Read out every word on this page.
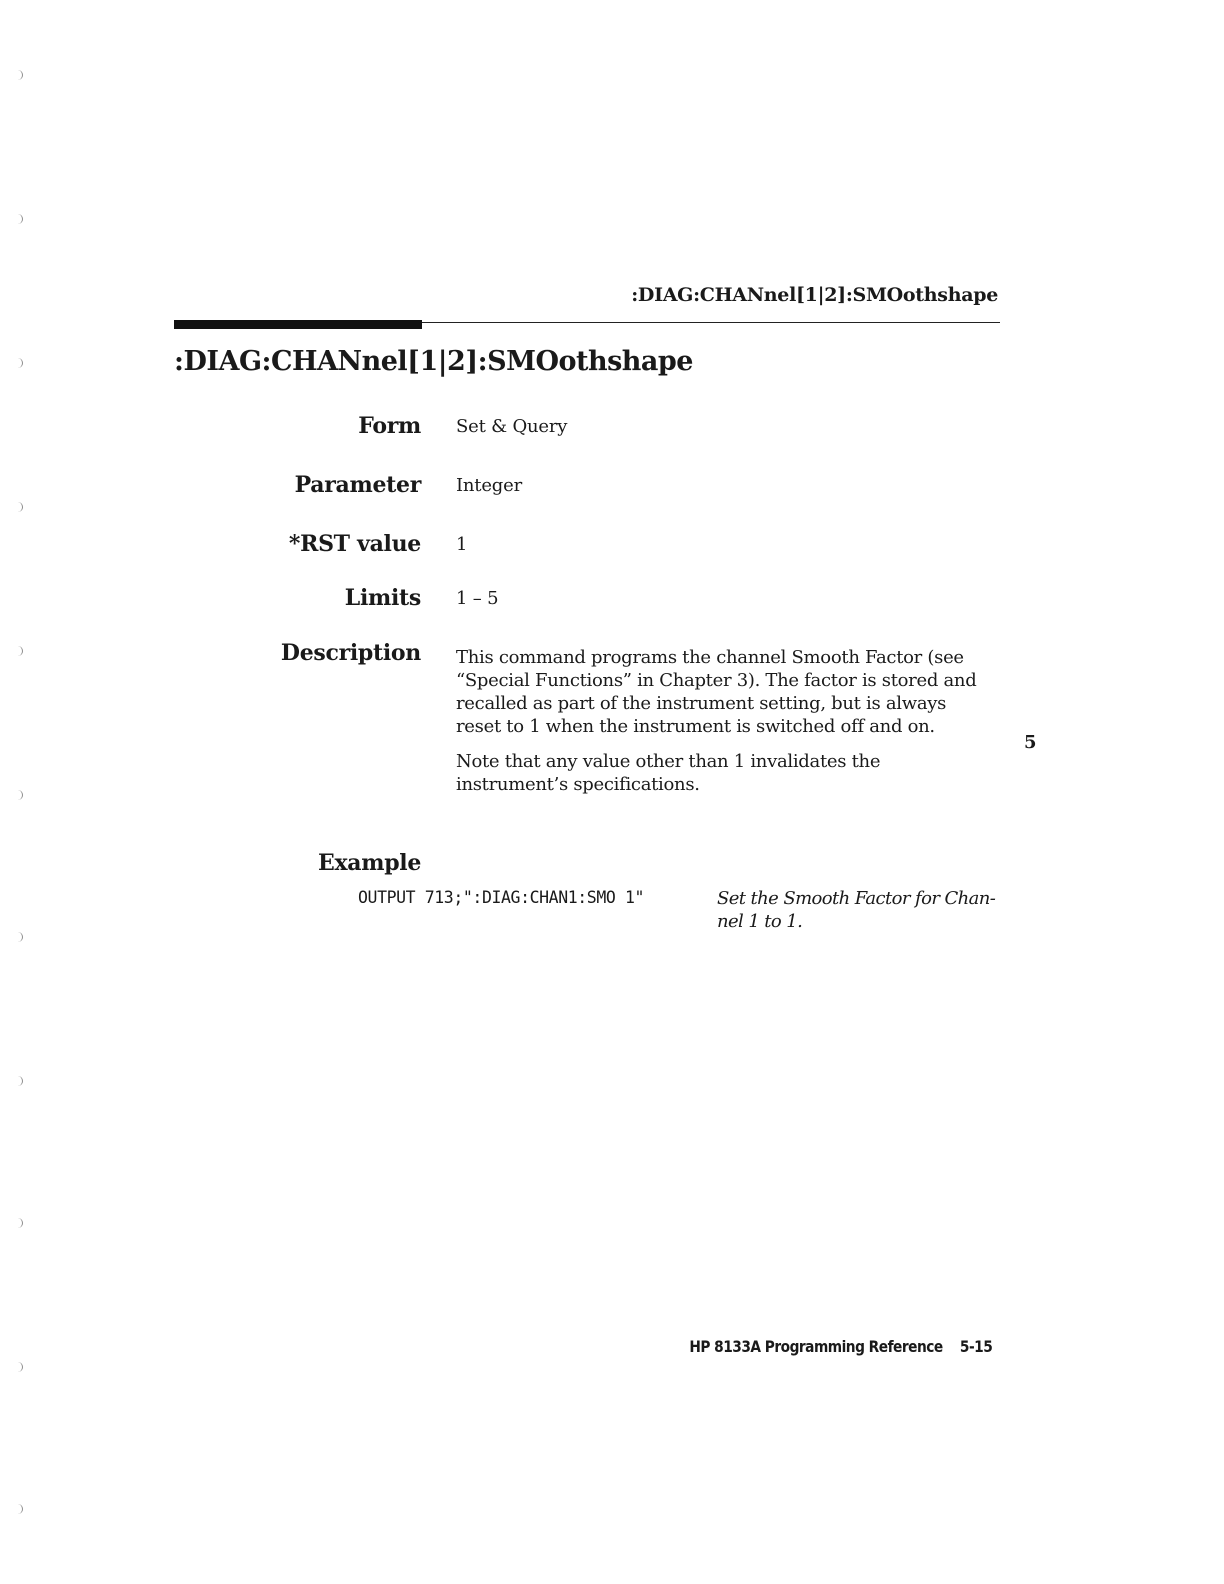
:DIAG:CHANnel[1|2]:SMOothshape
:DIAG:CHANnel[1|2]:SMOothshape
Form Set & Query
Parameter Integer
*RST value 1
Limits 1 – 5
Description This command programs the channel Smooth Factor (see “Special Functions” in Chapter 3). The factor is stored and recalled as part of the instrument setting, but is always reset to 1 when the instrument is switched off and on.

Note that any value other than 1 invalidates the instrument’s specifications.

5
Example
OUTPUT 713;":DIAG:CHAN1:SMO 1"	Set the Smooth Factor for Chan-
nel 1 to 1.
HP 8133A Programming Reference 5-15
